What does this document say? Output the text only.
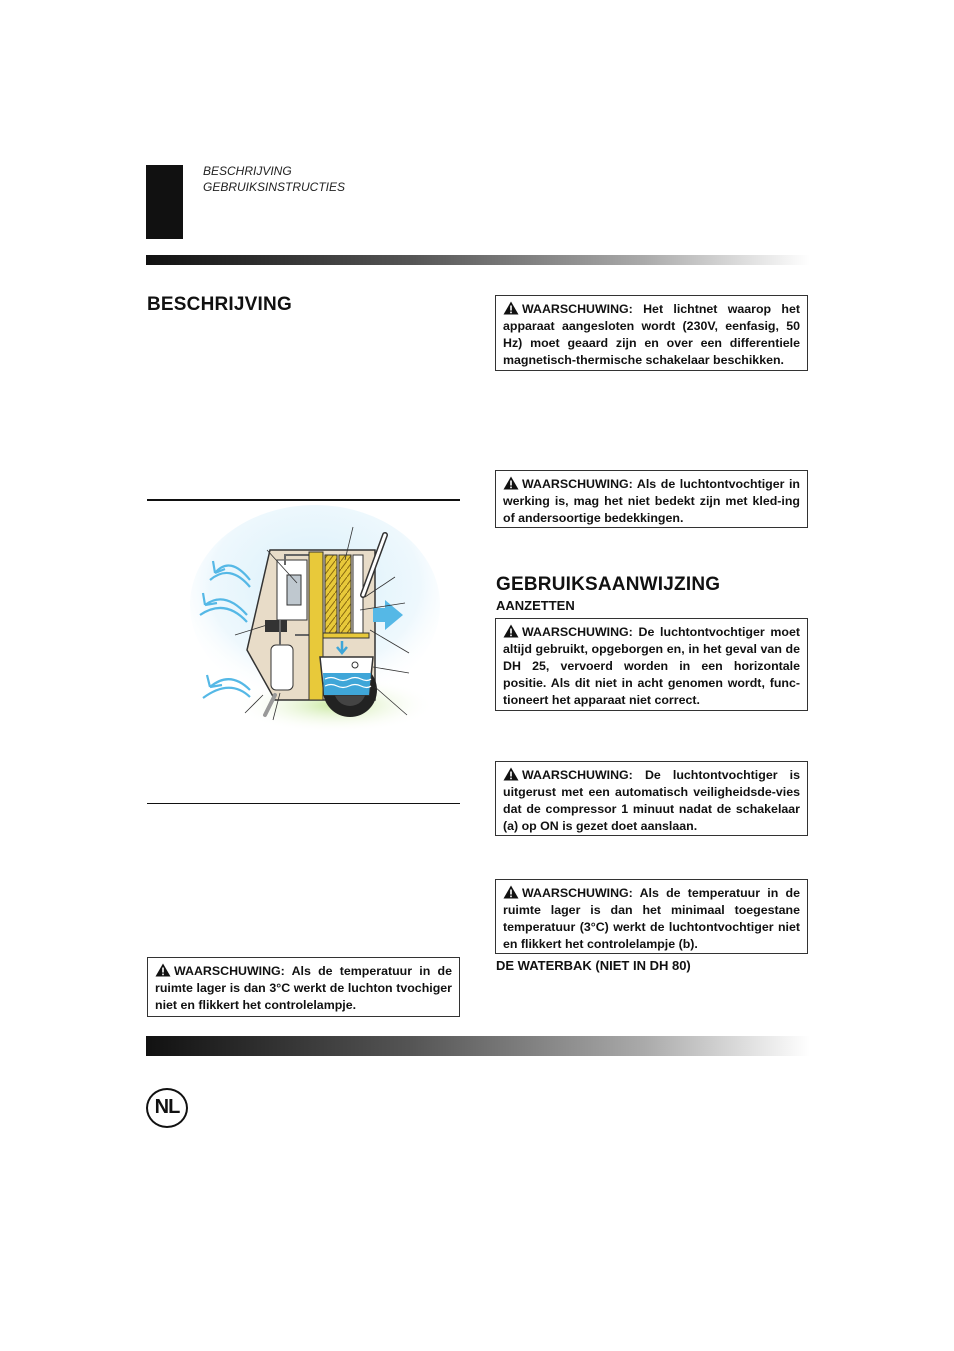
BESCHRIJVING
GEBRUIKSINSTRUCTIES
BESCHRIJVING
WAARSCHUWING: Als de temperatuur in de ruimte lager is dan 3°C werkt de luchton tvochiger niet en flikkert het controlelampje.
WAARSCHUWING: Het lichtnet waarop het apparaat aangesloten wordt (230V, eenfasig, 50 Hz) moet geaard zijn en over een differentiele magnetisch-thermische schakelaar beschikken.
WAARSCHUWING: Als de luchtontvochtiger in werking is, mag het niet bedekt zijn met kled-ing of andersoortige bedekkingen.
GEBRUIKSAANWIJZING
AANZETTEN
WAARSCHUWING: De luchtontvochtiger moet altijd gebruikt, opgeborgen en, in het geval van de DH 25, vervoerd worden in een horizontale positie. Als dit niet in acht genomen wordt, func-tioneert het apparaat niet correct.
WAARSCHUWING: De luchtontvochtiger is uitgerust met een automatisch veiligheidsde-vies dat de compressor 1 minuut nadat de schakelaar (a) op ON is gezet doet aanslaan.
WAARSCHUWING: Als de temperatuur in de ruimte lager is dan het minimaal toegestane temperatuur (3°C) werkt de luchtontvochtiger niet en flikkert het controlelampje (b).
DE WATERBAK (NIET IN DH 80)
NL
